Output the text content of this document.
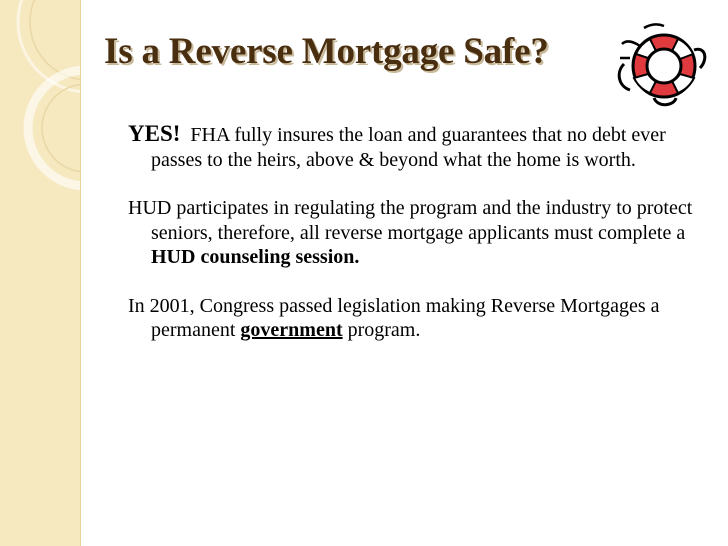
Is a Reverse Mortgage Safe?

YES!  FHA fully insures the loan and guarantees that no debt ever passes to the heirs, above & beyond what the home is worth.

HUD participates in regulating the program and the industry to protect seniors, therefore, all reverse mortgage applicants must complete a HUD counseling session.

In 2001, Congress passed legislation making Reverse Mortgages a permanent government program.
